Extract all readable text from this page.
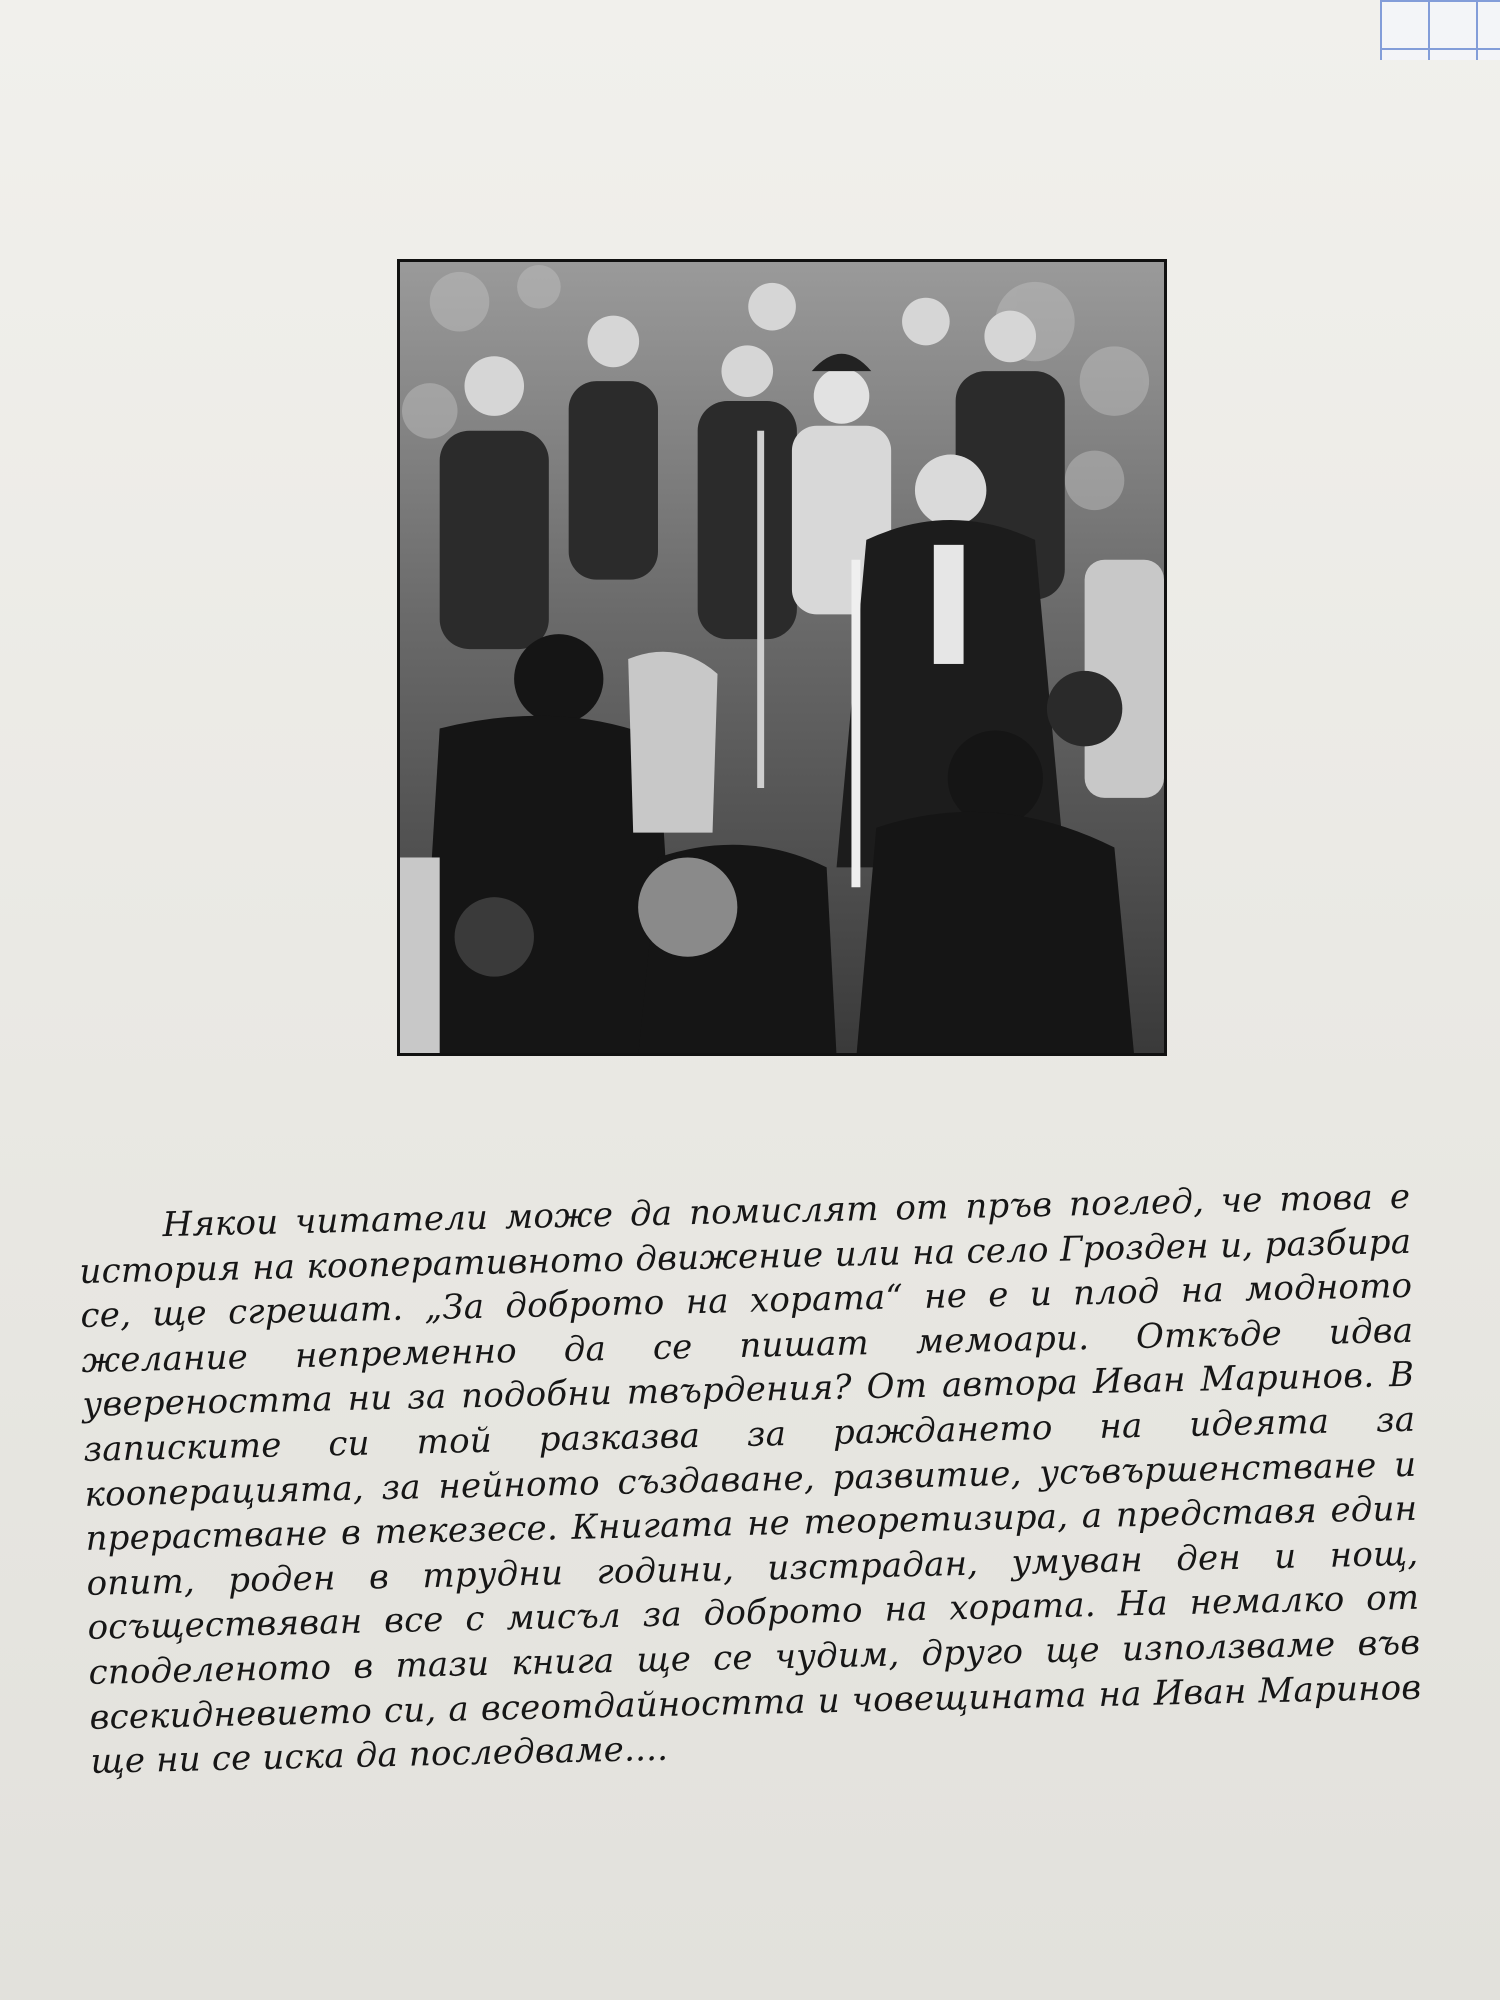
Някои читатели може да помислят от пръв поглед, че това е история на кооперативното движение или на село Грозден и, разбира се, ще сгрешат. „За доброто на хората“ не е и плод на модното желание непременно да се пишат мемоари. Откъде идва увереността ни за подобни твърдения? От автора Иван Маринов. В записките си той разказва за раждането на идеята за кооперацията, за нейното създаване, развитие, усъвършенстване и прерастване в текезесе. Книгата не теоретизира, а представя един опит, роден в трудни години, изстрадан, умуван ден и нощ, осъществяван все с мисъл за доброто на хората. На немалко от споделеното в тази книга ще се чудим, друго ще използваме във всекидневието си, а всеотдайността и човещината на Иван Маринов ще ни се иска да последваме....
